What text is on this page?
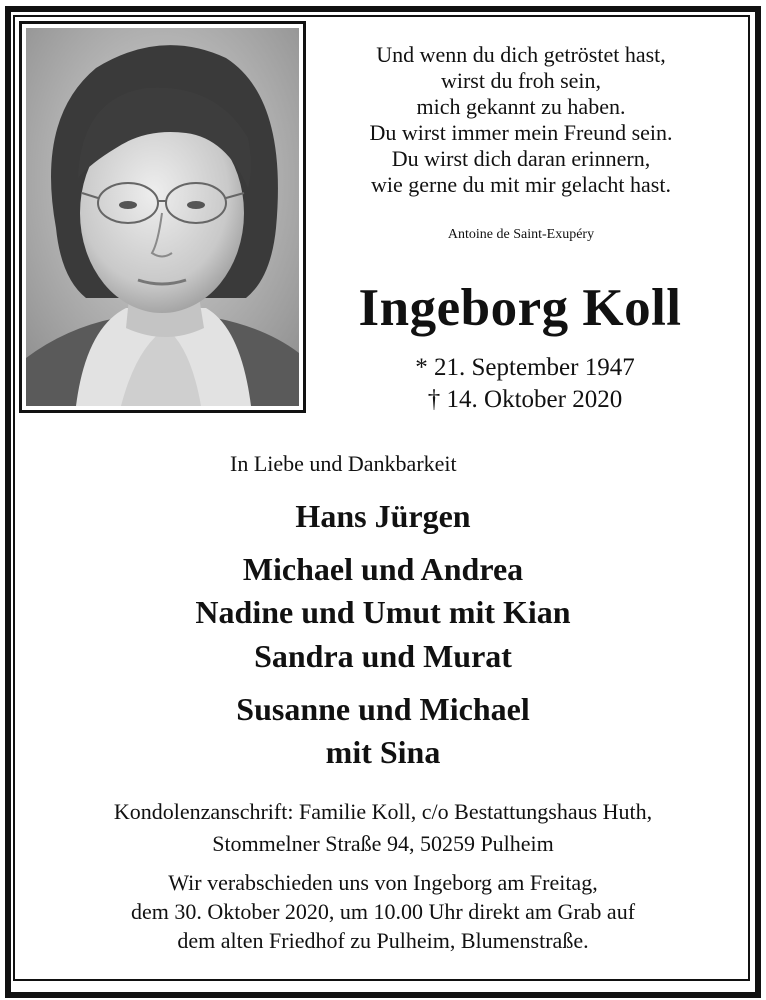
Und wenn du dich getröstet hast,
wirst du froh sein,
mich gekannt zu haben.
Du wirst immer mein Freund sein.
Du wirst dich daran erinnern,
wie gerne du mit mir gelacht hast.
Antoine de Saint-Exupéry
Ingeborg Koll
* 21. September 1947
† 14. Oktober 2020
In Liebe und Dankbarkeit
Hans Jürgen
Michael und Andrea
Nadine und Umut mit Kian
Sandra und Murat
Susanne und Michael
mit Sina
Kondolenzanschrift: Familie Koll, c/o Bestattungshaus Huth,
Stommelner Straße 94, 50259 Pulheim
Wir verabschieden uns von Ingeborg am Freitag,
dem 30. Oktober 2020, um 10.00 Uhr direkt am Grab auf
dem alten Friedhof zu Pulheim, Blumenstraße.
